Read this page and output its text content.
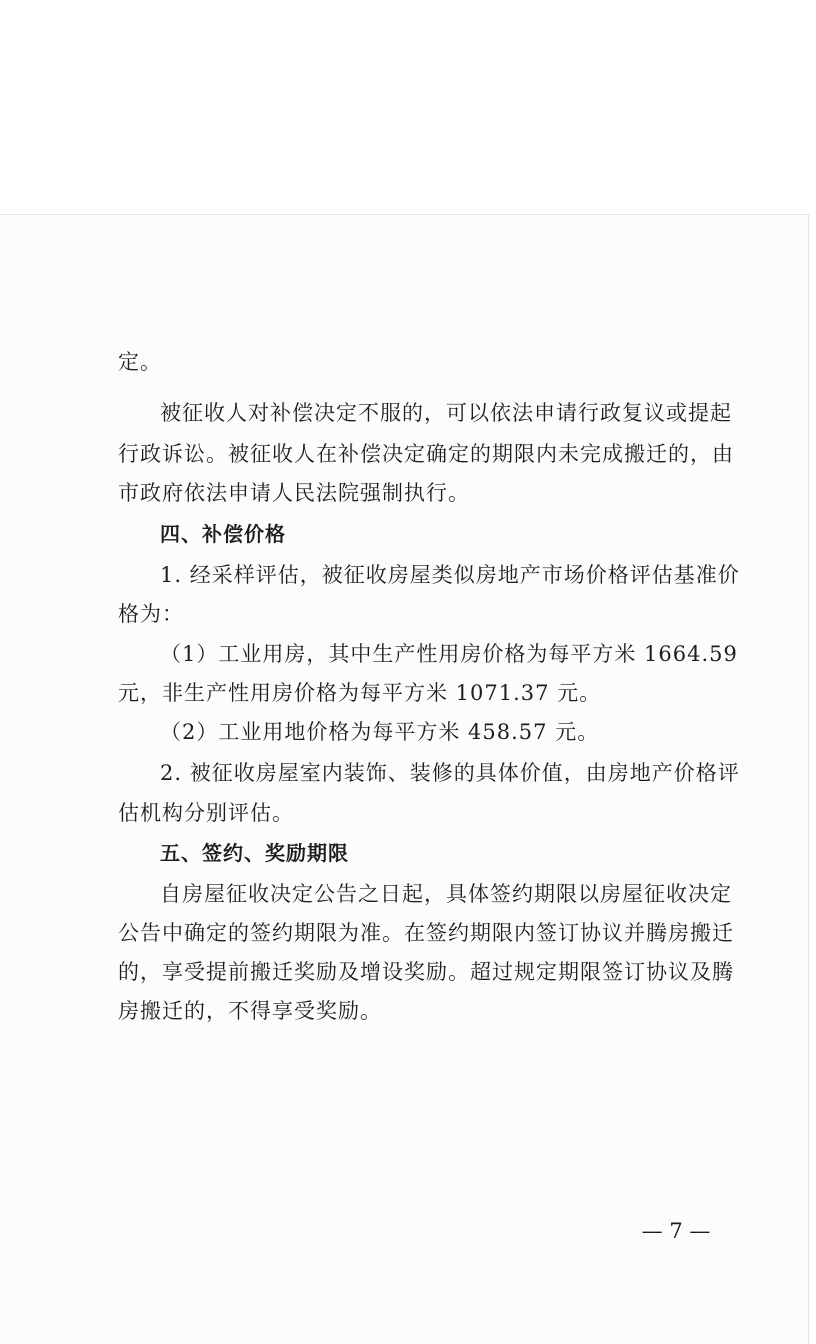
定。
被征收人对补偿决定不服的，可以依法申请行政复议或提起
行政诉讼。被征收人在补偿决定确定的期限内未完成搬迁的，由
市政府依法申请人民法院强制执行。
四、补偿价格
1. 经采样评估，被征收房屋类似房地产市场价格评估基准价
格为：
（1）工业用房，其中生产性用房价格为每平方米 1664.59
元，非生产性用房价格为每平方米 1071.37 元。
（2）工业用地价格为每平方米 458.57 元。
2. 被征收房屋室内装饰、装修的具体价值，由房地产价格评
估机构分别评估。
五、签约、奖励期限
自房屋征收决定公告之日起，具体签约期限以房屋征收决定
公告中确定的签约期限为准。在签约期限内签订协议并腾房搬迁
的，享受提前搬迁奖励及增设奖励。超过规定期限签订协议及腾
房搬迁的，不得享受奖励。
— 7 —
